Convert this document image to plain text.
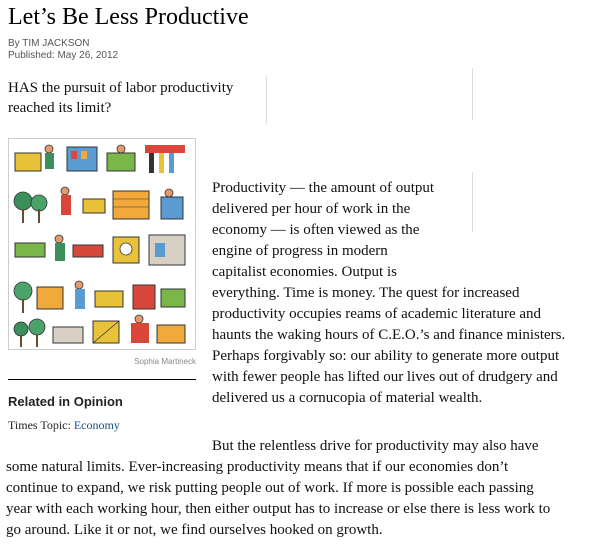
Let’s Be Less Productive
By TIM JACKSON
Published: May 26, 2012
HAS the pursuit of labor productivity
reached its limit?
Sophia Martineck
Related in Opinion
Times Topic: Economy
Productivity — the amount of output
delivered per hour of work in the
economy — is often viewed as the
engine of progress in modern
capitalist economies. Output is
everything. Time is money. The quest for increased
productivity occupies reams of academic literature and
haunts the waking hours of C.E.O.’s and finance ministers.
Perhaps forgivably so: our ability to generate more output
with fewer people has lifted our lives out of drudgery and
delivered us a cornucopia of material wealth.
But the relentless drive for productivity may also have
some natural limits. Ever-increasing productivity means that if our economies don’t
continue to expand, we risk putting people out of work. If more is possible each passing
year with each working hour, then either output has to increase or else there is less work to
go around. Like it or not, we find ourselves hooked on growth.
